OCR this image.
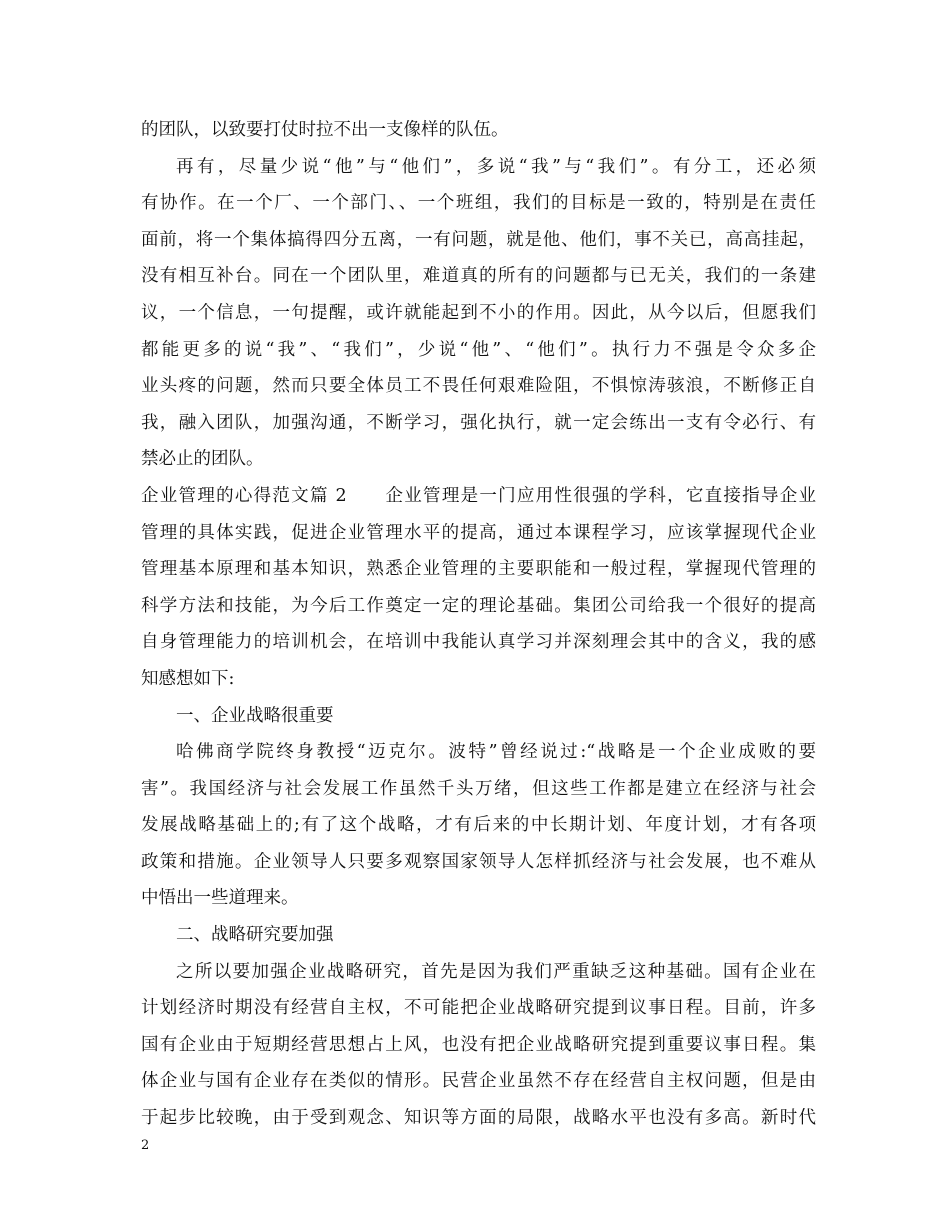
的团队，以致要打仗时拉不出一支像样的队伍。
再有，尽量少说“他”与“他们”，多说“我”与“我们”。有分工，还必须
有协作。在一个厂、一个部门、、一个班组，我们的目标是一致的，特别是在责任
面前，将一个集体搞得四分五离，一有问题，就是他、他们，事不关已，高高挂起，
没有相互补台。同在一个团队里，难道真的所有的问题都与已无关，我们的一条建
议，一个信息，一句提醒，或许就能起到不小的作用。因此，从今以后，但愿我们
都能更多的说“我”、“我们”，少说“他”、“他们”。执行力不强是令众多企
业头疼的问题，然而只要全体员工不畏任何艰难险阻，不惧惊涛骇浪，不断修正自
我，融入团队，加强沟通，不断学习，强化执行，就一定会练出一支有令必行、有
禁必止的团队。
企业管理的心得范文篇 2　　企业管理是一门应用性很强的学科，它直接指导企业
管理的具体实践，促进企业管理水平的提高，通过本课程学习，应该掌握现代企业
管理基本原理和基本知识，熟悉企业管理的主要职能和一般过程，掌握现代管理的
科学方法和技能，为今后工作奠定一定的理论基础。集团公司给我一个很好的提高
自身管理能力的培训机会，在培训中我能认真学习并深刻理会其中的含义，我的感
知感想如下:
一、企业战略很重要
哈佛商学院终身教授“迈克尔。波特”曾经说过:“战略是一个企业成败的要
害”。我国经济与社会发展工作虽然千头万绪，但这些工作都是建立在经济与社会
发展战略基础上的;有了这个战略，才有后来的中长期计划、年度计划，才有各项
政策和措施。企业领导人只要多观察国家领导人怎样抓经济与社会发展，也不难从
中悟出一些道理来。
二、战略研究要加强
之所以要加强企业战略研究，首先是因为我们严重缺乏这种基础。国有企业在
计划经济时期没有经营自主权，不可能把企业战略研究提到议事日程。目前，许多
国有企业由于短期经营思想占上风，也没有把企业战略研究提到重要议事日程。集
体企业与国有企业存在类似的情形。民营企业虽然不存在经营自主权问题，但是由
于起步比较晚，由于受到观念、知识等方面的局限，战略水平也没有多高。新时代
2
